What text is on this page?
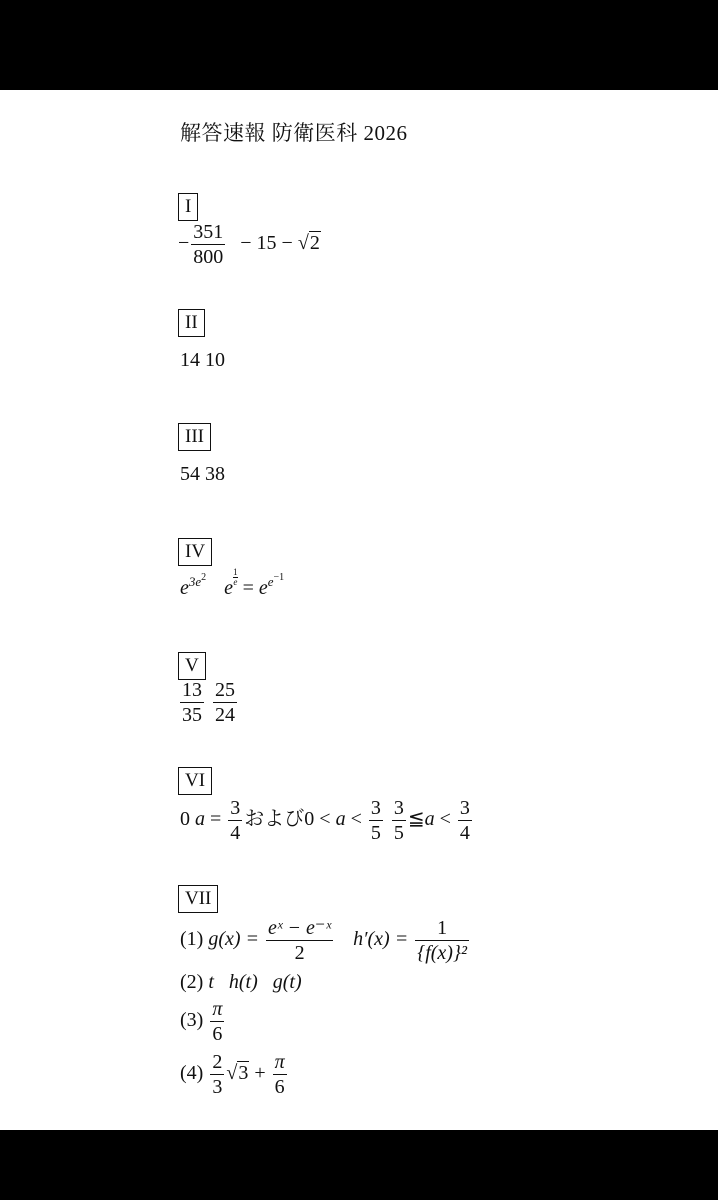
解答速報 防衛医科 2026
I
− $\frac{351}{800} - 15 - √2$
II
14 10
III
54 38
IV
$e^{3e2}$ e $\frac{1}{e} = e^{e-1}$
V
$\frac{13}{35}$
$\frac{25}{24}$
VI
0 $a = \frac{3}{4}$ および$0 < a < \frac{3}{5}$
$\frac{3}{5}$ ≦a < $\frac{3}{4}$
VII
(1) $g(x) = \frac{\text{eˣ − e⁻ˣ}}{2} h'(x) = \frac{1}{\text{\{f(x)\}²}}$
(2) t   h(t)   g(t)
$(3) \frac{\pi}{6}$
$(4) \frac{2}{3} √3 + \frac{\pi}{6}$
